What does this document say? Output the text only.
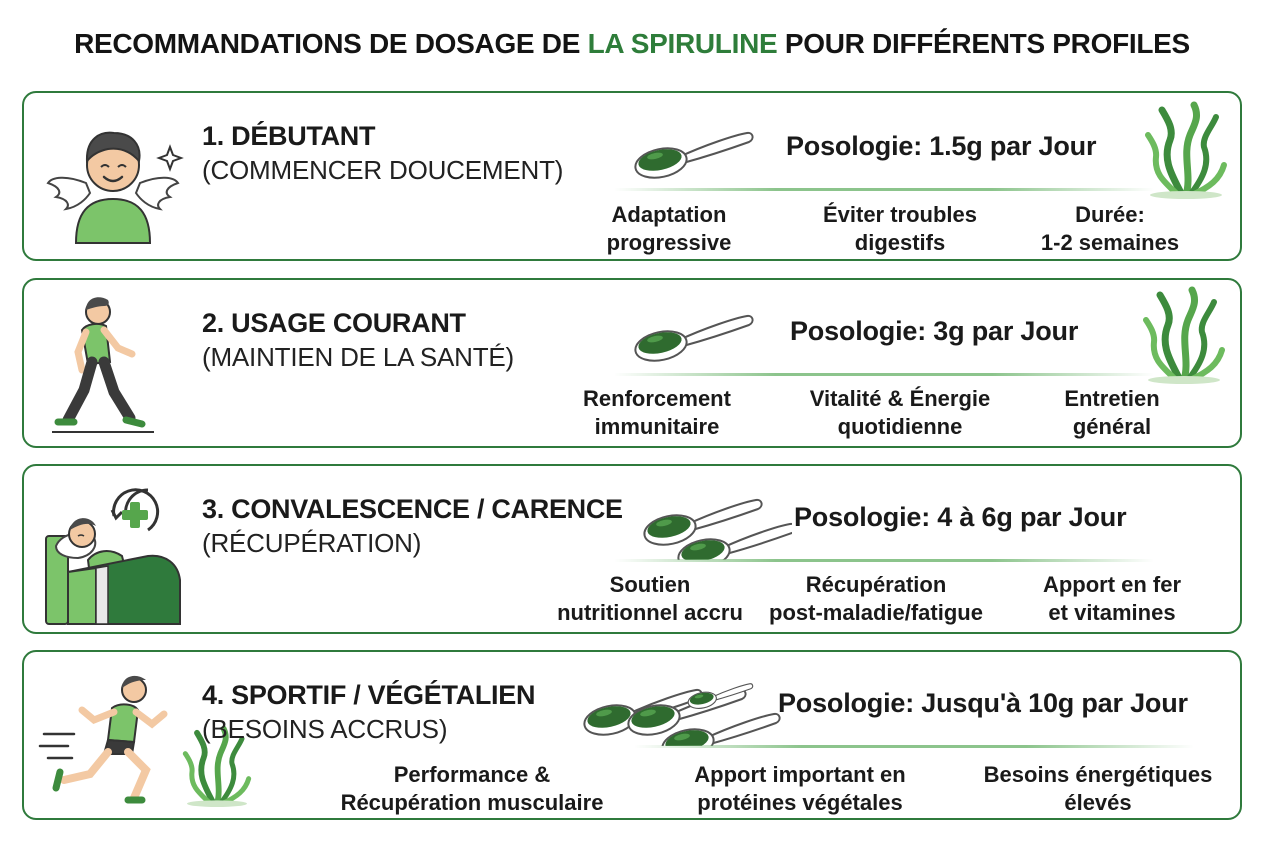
RECOMMANDATIONS DE DOSAGE DE LA SPIRULINE POUR DIFFÉRENTS PROFILES
1. DÉBUTANT
(COMMENCER DOUCEMENT)
Posologie: 1.5g par Jour
Adaptation
progressive
Éviter troubles
digestifs
Durée:
1-2 semaines
2. USAGE COURANT
(MAINTIEN DE LA SANTÉ)
Posologie: 3g par Jour
Renforcement
immunitaire
Vitalité & Énergie
quotidienne
Entretien
général
3. CONVALESCENCE / CARENCE
(RÉCUPÉRATION)
Posologie: 4 à 6g par Jour
Soutien
nutritionnel accru
Récupération
post-maladie/fatigue
Apport en fer
et vitamines
4. SPORTIF / VÉGÉTALIEN
(BESOINS ACCRUS)
Posologie: Jusqu'à 10g par Jour
Performance &
Récupération musculaire
Apport important en
protéines végétales
Besoins énergétiques
élevés
